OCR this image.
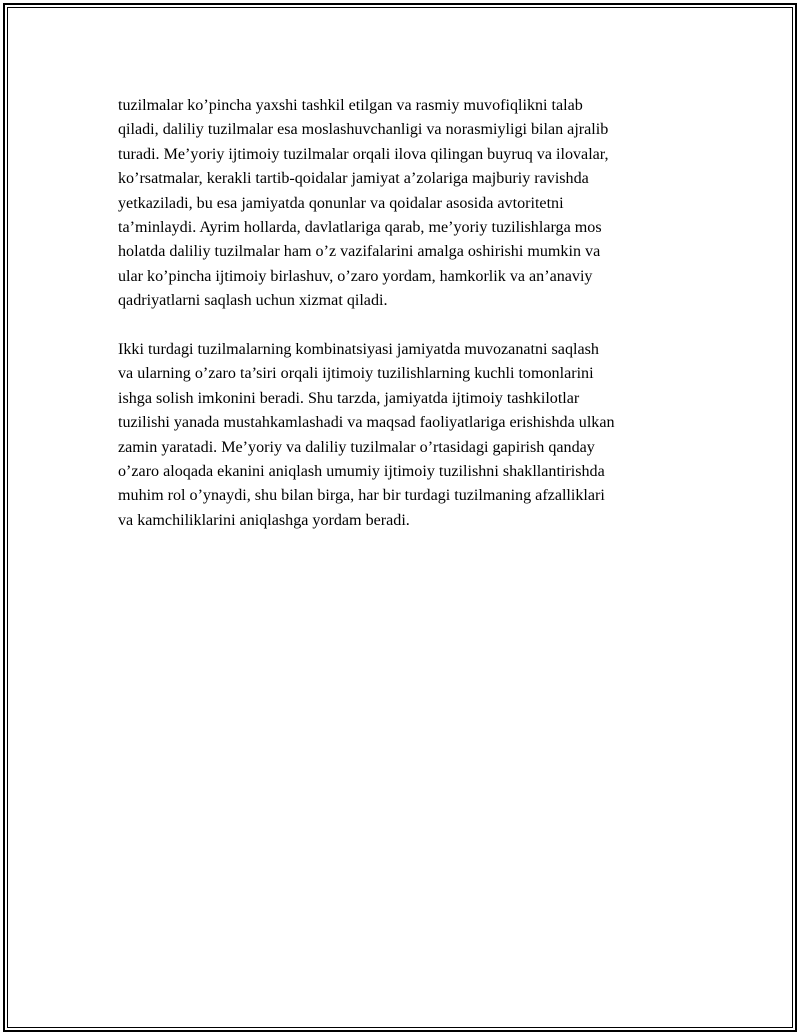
tuzilmalar ko’pincha yaxshi tashkil etilgan va rasmiy muvofiqlikni talab
qiladi, daliliy tuzilmalar esa moslashuvchanligi va norasmiyligi bilan ajralib
turadi. Me’yoriy ijtimoiy tuzilmalar orqali ilova qilingan buyruq va ilovalar,
ko’rsatmalar, kerakli tartib-qoidalar jamiyat a’zolariga majburiy ravishda
yetkaziladi, bu esa jamiyatda qonunlar va qoidalar asosida avtoritetni
ta’minlaydi. Ayrim hollarda, davlatlariga qarab, me’yoriy tuzilishlarga mos
holatda daliliy tuzilmalar ham o’z vazifalarini amalga oshirishi mumkin va
ular ko’pincha ijtimoiy birlashuv, o’zaro yordam, hamkorlik va an’anaviy
qadriyatlarni saqlash uchun xizmat qiladi.
Ikki turdagi tuzilmalarning kombinatsiyasi jamiyatda muvozanatni saqlash
va ularning o’zaro ta’siri orqali ijtimoiy tuzilishlarning kuchli tomonlarini
ishga solish imkonini beradi. Shu tarzda, jamiyatda ijtimoiy tashkilotlar
tuzilishi yanada mustahkamlashadi va maqsad faoliyatlariga erishishda ulkan
zamin yaratadi. Me’yoriy va daliliy tuzilmalar o’rtasidagi gapirish qanday
o’zaro aloqada ekanini aniqlash umumiy ijtimoiy tuzilishni shakllantirishda
muhim rol o’ynaydi, shu bilan birga, har bir turdagi tuzilmaning afzalliklari
va kamchiliklarini aniqlashga yordam beradi.
